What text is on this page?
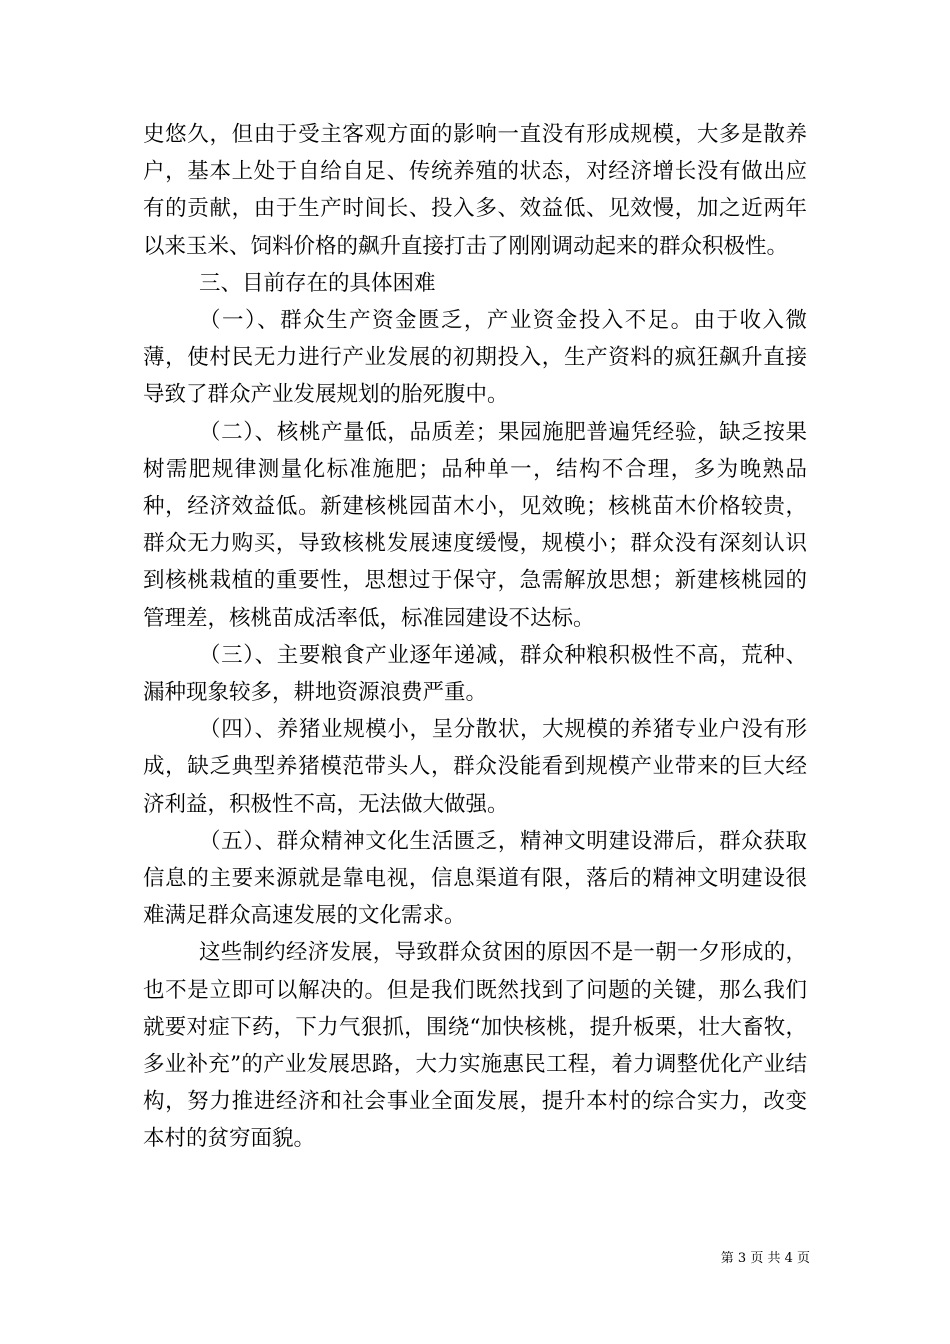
史悠久，但由于受主客观方面的影响一直没有形成规模，大多是散养户，基本上处于自给自足、传统养殖的状态，对经济增长没有做出应有的贡献，由于生产时间长、投入多、效益低、见效慢，加之近两年以来玉米、饲料价格的飙升直接打击了刚刚调动起来的群众积极性。

三、目前存在的具体困难

（一）、群众生产资金匮乏，产业资金投入不足。由于收入微薄，使村民无力进行产业发展的初期投入，生产资料的疯狂飙升直接导致了群众产业发展规划的胎死腹中。

（二）、核桃产量低，品质差；果园施肥普遍凭经验，缺乏按果树需肥规律测量化标准施肥；品种单一，结构不合理，多为晚熟品种，经济效益低。新建核桃园苗木小，见效晚；核桃苗木价格较贵，群众无力购买，导致核桃发展速度缓慢，规模小；群众没有深刻认识到核桃栽植的重要性，思想过于保守，急需解放思想；新建核桃园的管理差，核桃苗成活率低，标准园建设不达标。

（三）、主要粮食产业逐年递减，群众种粮积极性不高，荒种、漏种现象较多，耕地资源浪费严重。

（四）、养猪业规模小，呈分散状，大规模的养猪专业户没有形成，缺乏典型养猪模范带头人，群众没能看到规模产业带来的巨大经济利益，积极性不高，无法做大做强。

（五）、群众精神文化生活匮乏，精神文明建设滞后，群众获取信息的主要来源就是靠电视，信息渠道有限，落后的精神文明建设很难满足群众高速发展的文化需求。

这些制约经济发展，导致群众贫困的原因不是一朝一夕形成的，也不是立即可以解决的。但是我们既然找到了问题的关键，那么我们就要对症下药，下力气狠抓，围绕“加快核桃，提升板栗，壮大畜牧，多业补充”的产业发展思路，大力实施惠民工程，着力调整优化产业结构，努力推进经济和社会事业全面发展，提升本村的综合实力，改变本村的贫穷面貌。

第 3 页 共 4 页
